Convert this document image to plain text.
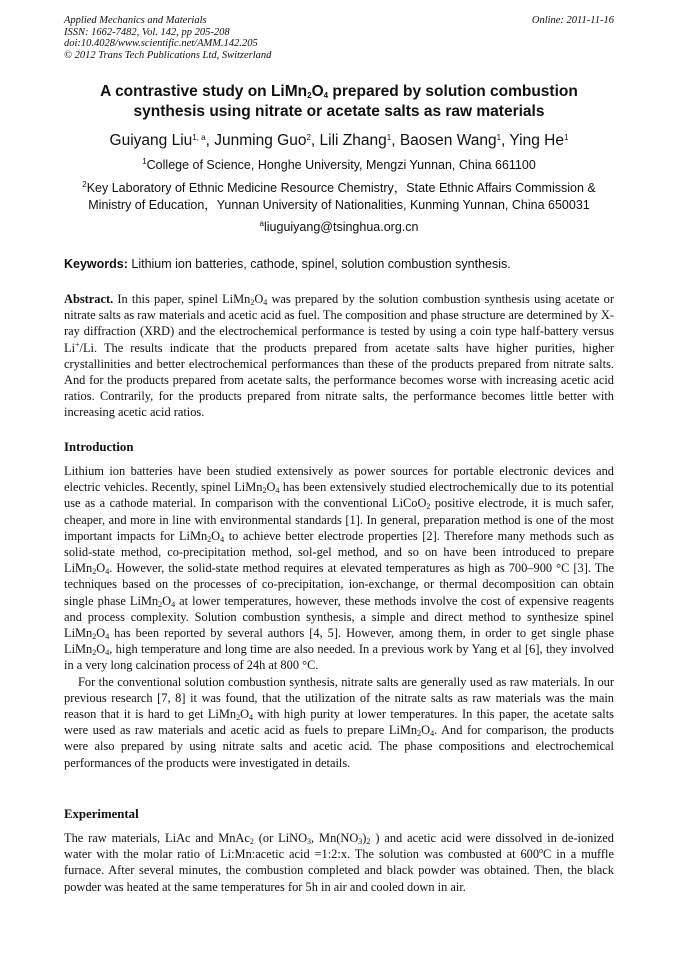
Applied Mechanics and Materials
ISSN: 1662-7482, Vol. 142, pp 205-208
doi:10.4028/www.scientific.net/AMM.142.205
© 2012 Trans Tech Publications Ltd, Switzerland
Online: 2011-11-16
A contrastive study on $LiMn_2O_4$ prepared by solution combustion
synthesis using nitrate or acetate salts as raw materials
Guiyang Liu$^{1, a}$, Junming Guo$^2$, Lili Zhang$^1$, Baosen Wang$^1$, Ying He$^1$
$^1$College of Science, Honghe University, Mengzi Yunnan, China 661100
$^2$Key Laboratory of Ethnic Medicine Resource Chemistry，State Ethnic Affairs Commission &
Ministry of Education，Yunnan University of Nationalities, Kunming Yunnan, China 650031
$^a$liuguiyang@tsinghua.org.cn
Keywords: Lithium ion batteries, cathode, spinel, solution combustion synthesis.
Abstract. In this paper, spinel $LiMn_2O_4$ was prepared by the solution combustion synthesis using acetate or nitrate salts as raw materials and acetic acid as fuel. The composition and phase structure are determined by X-ray diffraction (XRD) and the electrochemical performance is tested by using a coin type half-battery versus Li+/Li. The results indicate that the products prepared from acetate salts have higher purities, higher crystallinities and better electrochemical performances than these of the products prepared from nitrate salts. And for the products prepared from acetate salts, the performance becomes worse with increasing acetic acid ratios. Contrarily, for the products prepared from nitrate salts, the performance becomes little better with increasing acetic acid ratios.
Introduction

Lithium ion batteries have been studied extensively as power sources for portable electronic devices and electric vehicles. Recently, spinel $LiMn_2O_4$ has been extensively studied electrochemically due to its potential use as a cathode material. In comparison with the conventional LiCoO$_2$ positive electrode, it is much safer, cheaper, and more in line with environmental standards [1]. In general, preparation method is one of the most important impacts for $LiMn_2O_4$ to achieve better electrode properties [2]. Therefore many methods such as solid-state method, co-precipitation method, sol-gel method, and so on have been introduced to prepare $LiMn_2O_4$. However, the solid-state method requires at elevated temperatures as high as 700–900 °C [3]. The techniques based on the processes of co-precipitation, ion-exchange, or thermal decomposition can obtain single phase $LiMn_2O_4$ at lower temperatures, however, these methods involve the cost of expensive reagents and process complexity. Solution combustion synthesis, a simple and direct method to synthesize spinel $LiMn_2O_4$ has been reported by several authors [4, 5]. However, among them, in order to get single phase $LiMn_2O_4$, high temperature and long time are also needed. In a previous work by Yang et al [6], they involved in a very long calcination process of 24h at 800 °C.

For the conventional solution combustion synthesis, nitrate salts are generally used as raw materials. In our previous research [7, 8] it was found, that the utilization of the nitrate salts as raw materials was the main reason that it is hard to get $LiMn_2O_4$ with high purity at lower temperatures. In this paper, the acetate salts were used as raw materials and acetic acid as fuels to prepare $LiMn_2O_4$. And for comparison, the products were also prepared by using nitrate salts and acetic acid. The phase compositions and electrochemical performances of the products were investigated in details.

Experimental
The raw materials, LiAc and MnAc$_2$ (or LiNO$_3$, $Mn(NO_3)_2$ ) and acetic acid were dissolved in de-ionized water with the molar ratio of Li:Mn:acetic acid =1:2:x. The solution was combusted at 600$^o$C in a muffle furnace. After several minutes, the combustion completed and black powder was obtained. Then, the black powder was heated at the same temperatures for 5h in air and cooled down in air.
